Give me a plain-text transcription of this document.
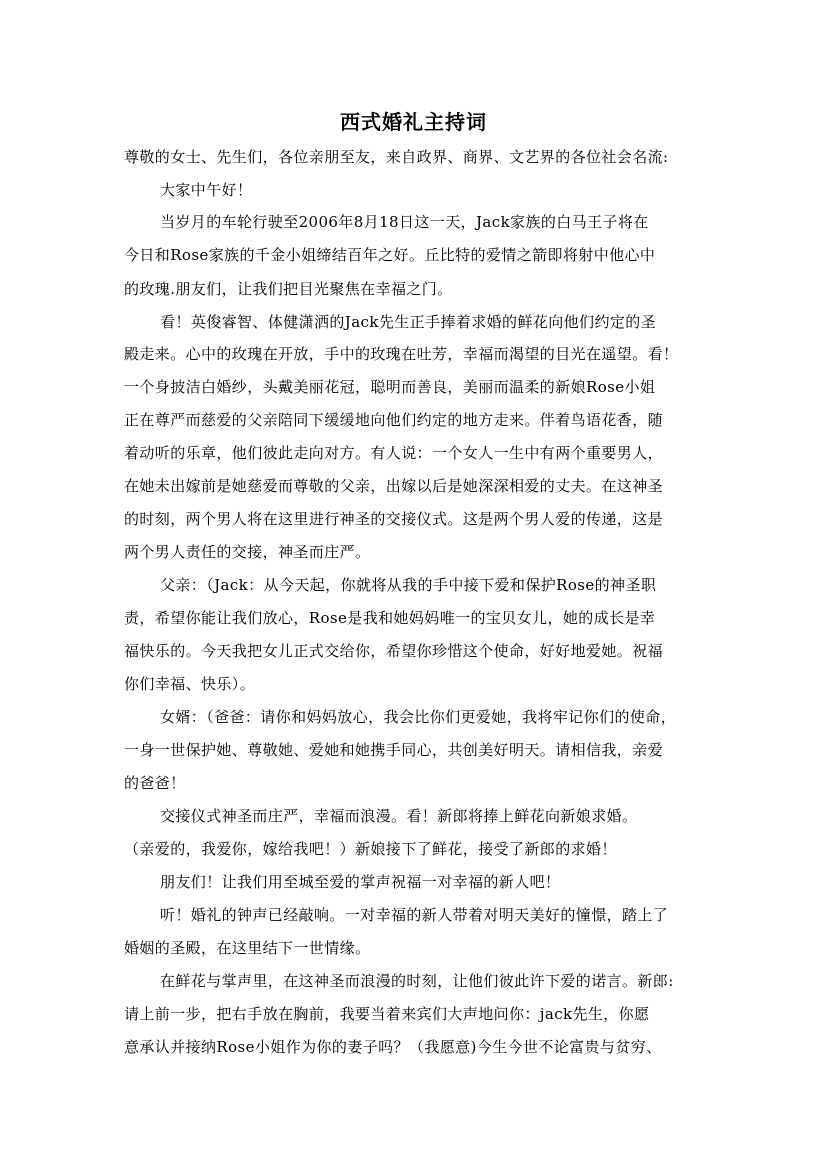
西式婚礼主持词
尊敬的女士、先生们，各位亲朋至友，来自政界、商界、文艺界的各位社会名流:
大家中午好！
当岁月的车轮行驶至2006年8月18日这一天，Jack家族的白马王子将在
今日和Rose家族的千金小姐缔结百年之好。丘比特的爱情之箭即将射中他心中
的玫瑰.朋友们，让我们把目光聚焦在幸福之门。
看！英俊睿智、体健潇洒的Jack先生正手捧着求婚的鲜花向他们约定的圣
殿走来。心中的玫瑰在开放，手中的玫瑰在吐芳，幸福而渴望的目光在遥望。看！
一个身披洁白婚纱，头戴美丽花冠，聪明而善良，美丽而温柔的新娘Rose小姐
正在尊严而慈爱的父亲陪同下缓缓地向他们约定的地方走来。伴着鸟语花香，随
着动听的乐章，他们彼此走向对方。有人说：一个女人一生中有两个重要男人，
在她未出嫁前是她慈爱而尊敬的父亲，出嫁以后是她深深相爱的丈夫。在这神圣
的时刻，两个男人将在这里进行神圣的交接仪式。这是两个男人爱的传递，这是
两个男人责任的交接，神圣而庄严。
父亲：（Jack：从今天起，你就将从我的手中接下爱和保护Rose的神圣职
责，希望你能让我们放心，Rose是我和她妈妈唯一的宝贝女儿，她的成长是幸
福快乐的。今天我把女儿正式交给你，希望你珍惜这个使命，好好地爱她。祝福
你们幸福、快乐）。
女婿：（爸爸：请你和妈妈放心，我会比你们更爱她，我将牢记你们的使命，
一身一世保护她、尊敬她、爱她和她携手同心，共创美好明天。请相信我，亲爱
的爸爸！
交接仪式神圣而庄严，幸福而浪漫。看！新郎将捧上鲜花向新娘求婚。
（亲爱的，我爱你，嫁给我吧！）新娘接下了鲜花，接受了新郎的求婚！
朋友们！让我们用至城至爱的掌声祝福一对幸福的新人吧！
听！婚礼的钟声已经敲响。一对幸福的新人带着对明天美好的憧憬，踏上了
婚姻的圣殿，在这里结下一世情缘。
在鲜花与掌声里，在这神圣而浪漫的时刻，让他们彼此许下爱的诺言。新郎:
请上前一步，把右手放在胸前，我要当着来宾们大声地问你：jack先生，你愿
意承认并接纳Rose小姐作为你的妻子吗？（我愿意)今生今世不论富贵与贫穷、
